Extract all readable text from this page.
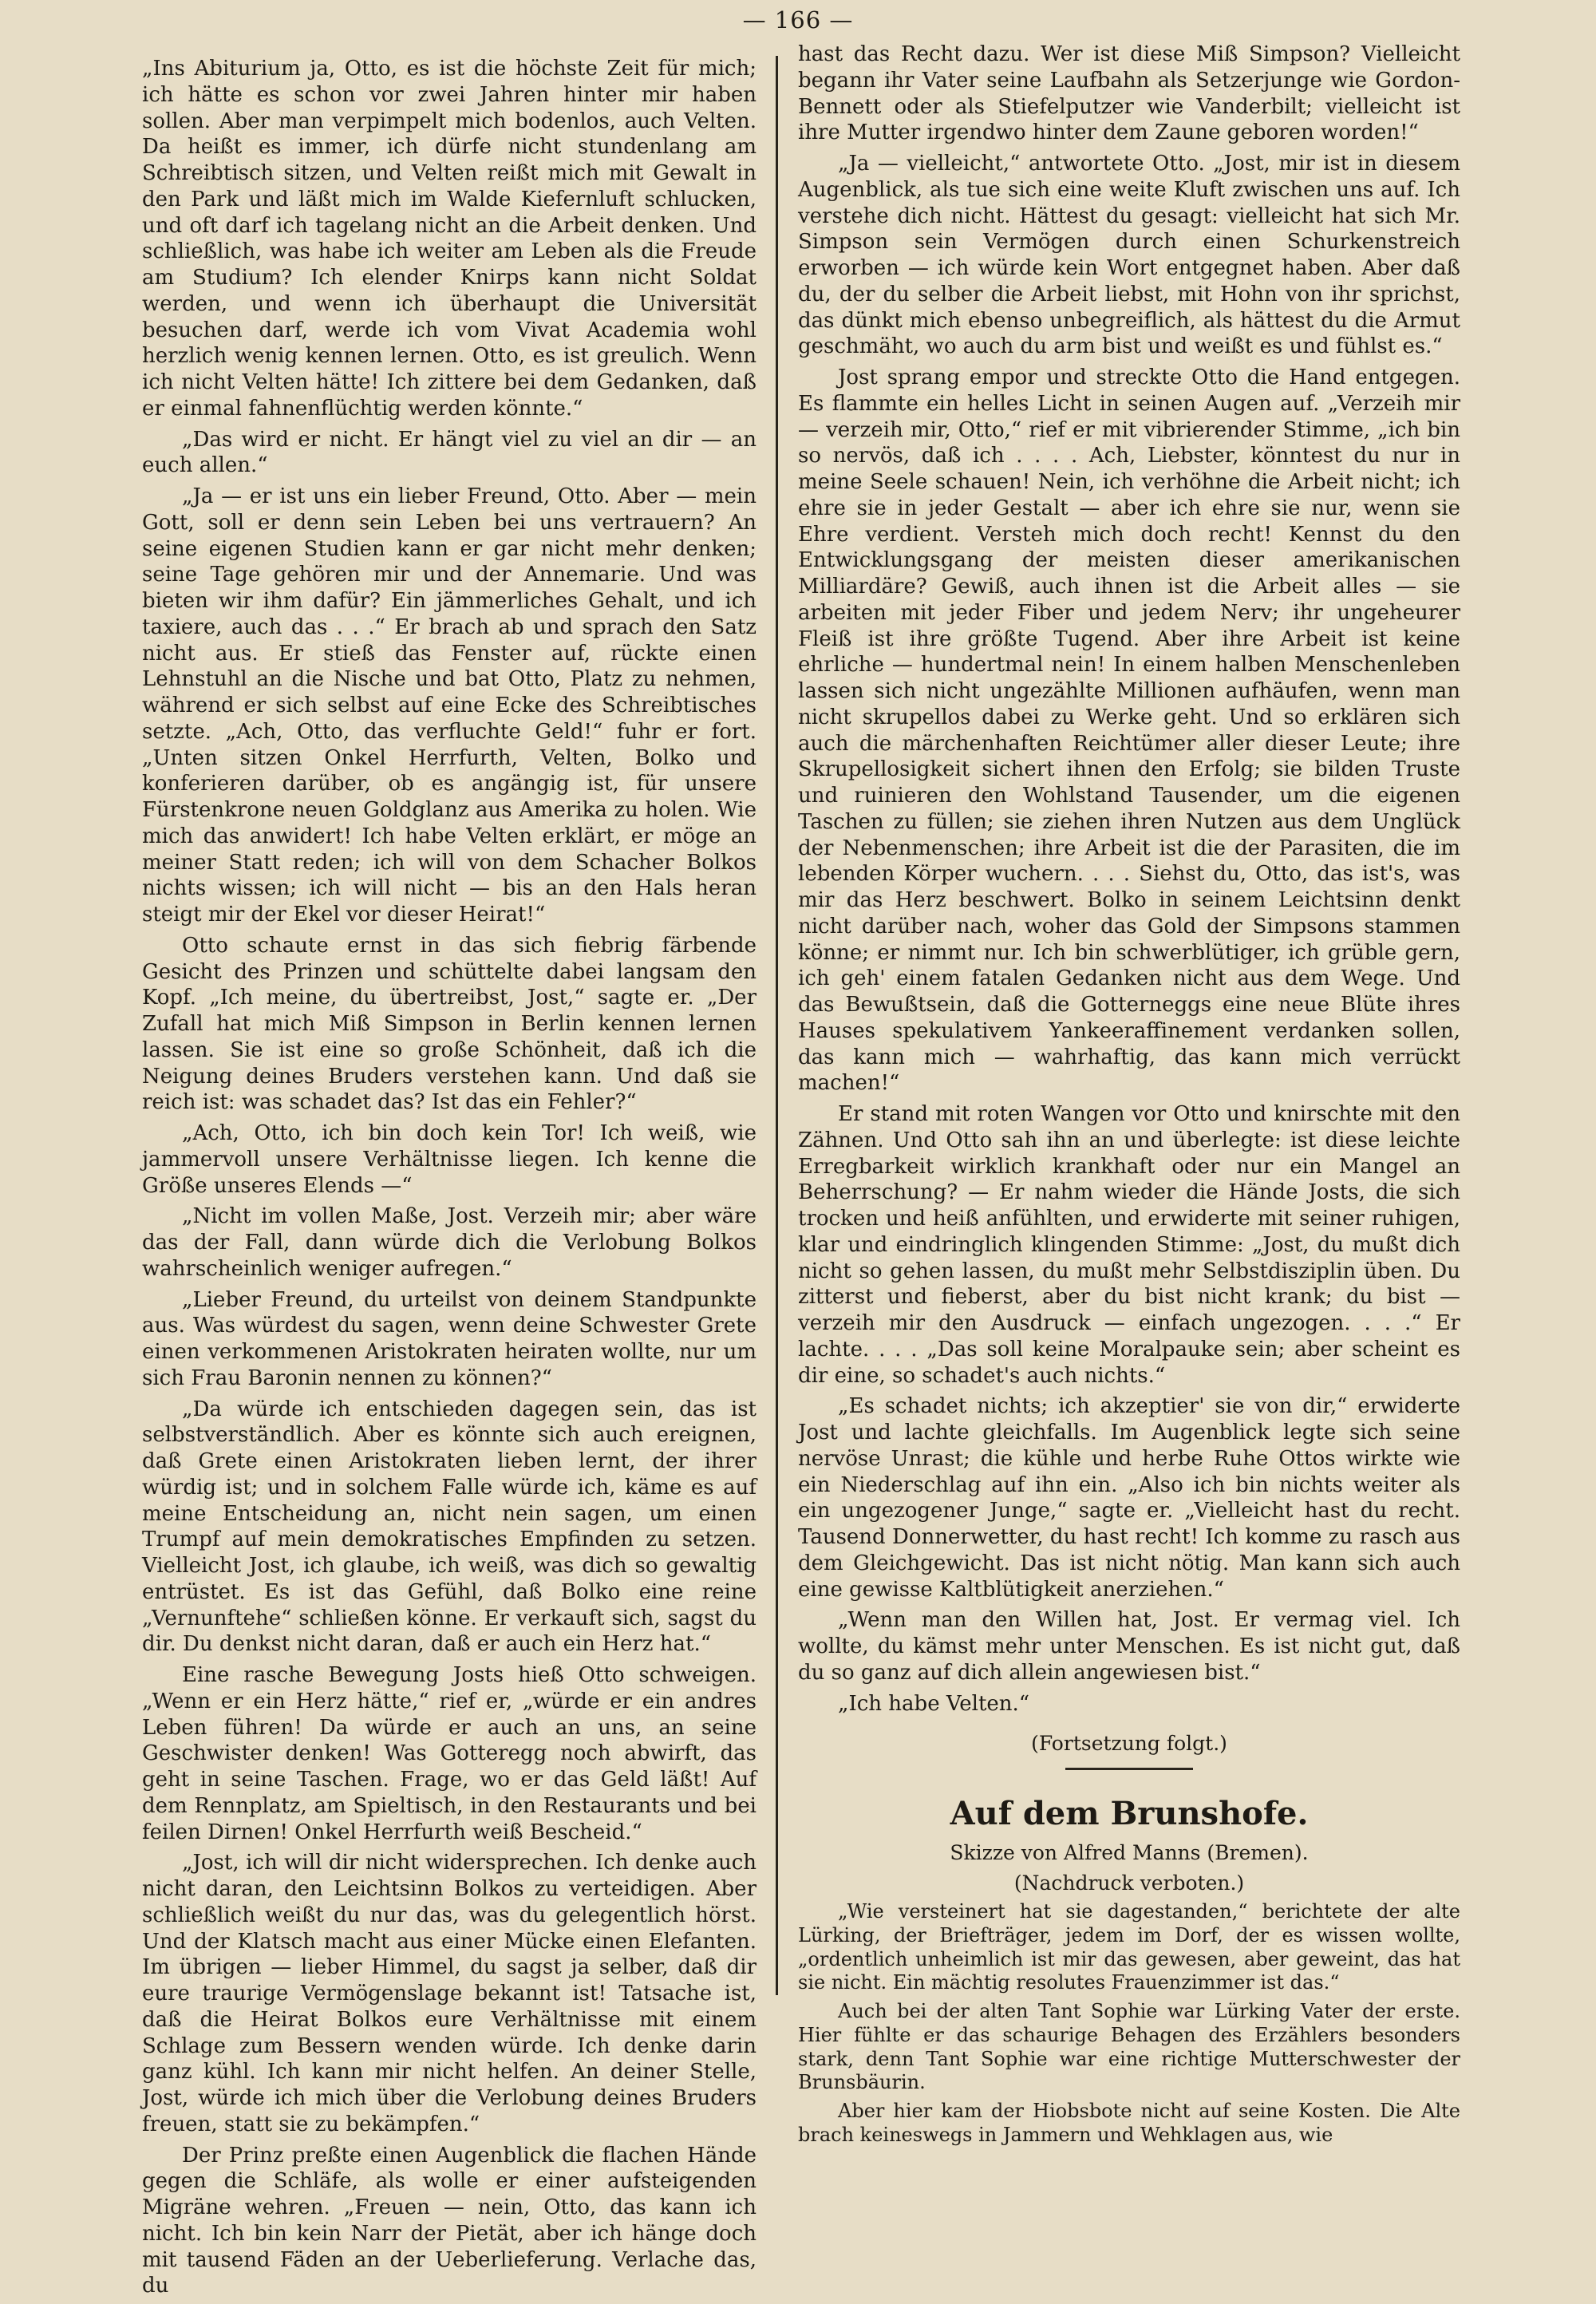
— 166 —

„Ins Abiturium ja, Otto, es ist die höchste Zeit für mich; ich hätte es schon vor zwei Jahren hinter mir haben sollen. Aber man verpimpelt mich bodenlos, auch Velten. Da heißt es immer, ich dürfe nicht stundenlang am Schreibtisch sitzen, und Velten reißt mich mit Gewalt in den Park und läßt mich im Walde Kiefernluft schlucken, und oft darf ich tagelang nicht an die Arbeit denken. Und schließlich, was habe ich weiter am Leben als die Freude am Studium? Ich elender Knirps kann nicht Soldat werden, und wenn ich überhaupt die Universität besuchen darf, werde ich vom Vivat Academia wohl herzlich wenig kennen lernen. Otto, es ist greulich. Wenn ich nicht Velten hätte! Ich zittere bei dem Gedanken, daß er einmal fahnenflüchtig werden könnte.“

„Das wird er nicht. Er hängt viel zu viel an dir — an euch allen.“

„Ja — er ist uns ein lieber Freund, Otto. Aber — mein Gott, soll er denn sein Leben bei uns vertrauern? An seine eigenen Studien kann er gar nicht mehr denken; seine Tage gehören mir und der Annemarie. Und was bieten wir ihm dafür? Ein jämmerliches Gehalt, und ich taxiere, auch das . . .“ Er brach ab und sprach den Satz nicht aus. Er stieß das Fenster auf, rückte einen Lehnstuhl an die Nische und bat Otto, Platz zu nehmen, während er sich selbst auf eine Ecke des Schreibtisches setzte. „Ach, Otto, das verfluchte Geld!“ fuhr er fort. „Unten sitzen Onkel Herrfurth, Velten, Bolko und konferieren darüber, ob es angängig ist, für unsere Fürstenkrone neuen Goldglanz aus Amerika zu holen. Wie mich das anwidert! Ich habe Velten erklärt, er möge an meiner Statt reden; ich will von dem Schacher Bolkos nichts wissen; ich will nicht — bis an den Hals heran steigt mir der Ekel vor dieser Heirat!“

Otto schaute ernst in das sich fiebrig färbende Gesicht des Prinzen und schüttelte dabei langsam den Kopf. „Ich meine, du übertreibst, Jost,“ sagte er. „Der Zufall hat mich Miß Simpson in Berlin kennen lernen lassen. Sie ist eine so große Schönheit, daß ich die Neigung deines Bruders verstehen kann. Und daß sie reich ist: was schadet das? Ist das ein Fehler?“

„Ach, Otto, ich bin doch kein Tor! Ich weiß, wie jammervoll unsere Verhältnisse liegen. Ich kenne die Größe unseres Elends —“

„Nicht im vollen Maße, Jost. Verzeih mir; aber wäre das der Fall, dann würde dich die Verlobung Bolkos wahrscheinlich weniger aufregen.“

„Lieber Freund, du urteilst von deinem Standpunkte aus. Was würdest du sagen, wenn deine Schwester Grete einen verkommenen Aristokraten heiraten wollte, nur um sich Frau Baronin nennen zu können?“

„Da würde ich entschieden dagegen sein, das ist selbstverständlich. Aber es könnte sich auch ereignen, daß Grete einen Aristokraten lieben lernt, der ihrer würdig ist; und in solchem Falle würde ich, käme es auf meine Entscheidung an, nicht nein sagen, um einen Trumpf auf mein demokratisches Empfinden zu setzen. Vielleicht Jost, ich glaube, ich weiß, was dich so gewaltig entrüstet. Es ist das Gefühl, daß Bolko eine reine „Vernunftehe“ schließen könne. Er verkauft sich, sagst du dir. Du denkst nicht daran, daß er auch ein Herz hat.“

Eine rasche Bewegung Josts hieß Otto schweigen. „Wenn er ein Herz hätte,“ rief er, „würde er ein andres Leben führen! Da würde er auch an uns, an seine Geschwister denken! Was Gotteregg noch abwirft, das geht in seine Taschen. Frage, wo er das Geld läßt! Auf dem Rennplatz, am Spieltisch, in den Restaurants und bei feilen Dirnen! Onkel Herrfurth weiß Bescheid.“

„Jost, ich will dir nicht widersprechen. Ich denke auch nicht daran, den Leichtsinn Bolkos zu verteidigen. Aber schließlich weißt du nur das, was du gelegentlich hörst. Und der Klatsch macht aus einer Mücke einen Elefanten. Im übrigen — lieber Himmel, du sagst ja selber, daß dir eure traurige Vermögenslage bekannt ist! Tatsache ist, daß die Heirat Bolkos eure Verhältnisse mit einem Schlage zum Bessern wenden würde. Ich denke darin ganz kühl. Ich kann mir nicht helfen. An deiner Stelle, Jost, würde ich mich über die Verlobung deines Bruders freuen, statt sie zu bekämpfen.“

Der Prinz preßte einen Augenblick die flachen Hände gegen die Schläfe, als wolle er einer aufsteigenden Migräne wehren. „Freuen — nein, Otto, das kann ich nicht. Ich bin kein Narr der Pietät, aber ich hänge doch mit tausend Fäden an der Ueberlieferung. Verlache das, du

hast das Recht dazu. Wer ist diese Miß Simpson? Vielleicht begann ihr Vater seine Laufbahn als Setzerjunge wie Gordon-Bennett oder als Stiefelputzer wie Vanderbilt; vielleicht ist ihre Mutter irgendwo hinter dem Zaune geboren worden!“

„Ja — vielleicht,“ antwortete Otto. „Jost, mir ist in diesem Augenblick, als tue sich eine weite Kluft zwischen uns auf. Ich verstehe dich nicht. Hättest du gesagt: vielleicht hat sich Mr. Simpson sein Vermögen durch einen Schurkenstreich erworben — ich würde kein Wort entgegnet haben. Aber daß du, der du selber die Arbeit liebst, mit Hohn von ihr sprichst, das dünkt mich ebenso unbegreiflich, als hättest du die Armut geschmäht, wo auch du arm bist und weißt es und fühlst es.“

Jost sprang empor und streckte Otto die Hand entgegen. Es flammte ein helles Licht in seinen Augen auf. „Verzeih mir — verzeih mir, Otto,“ rief er mit vibrierender Stimme, „ich bin so nervös, daß ich . . . . Ach, Liebster, könntest du nur in meine Seele schauen! Nein, ich verhöhne die Arbeit nicht; ich ehre sie in jeder Gestalt — aber ich ehre sie nur, wenn sie Ehre verdient. Versteh mich doch recht! Kennst du den Entwicklungsgang der meisten dieser amerikanischen Milliardäre? Gewiß, auch ihnen ist die Arbeit alles — sie arbeiten mit jeder Fiber und jedem Nerv; ihr ungeheurer Fleiß ist ihre größte Tugend. Aber ihre Arbeit ist keine ehrliche — hundertmal nein! In einem halben Menschenleben lassen sich nicht ungezählte Millionen aufhäufen, wenn man nicht skrupellos dabei zu Werke geht. Und so erklären sich auch die märchenhaften Reichtümer aller dieser Leute; ihre Skrupellosigkeit sichert ihnen den Erfolg; sie bilden Truste und ruinieren den Wohlstand Tausender, um die eigenen Taschen zu füllen; sie ziehen ihren Nutzen aus dem Unglück der Nebenmenschen; ihre Arbeit ist die der Parasiten, die im lebenden Körper wuchern. . . . Siehst du, Otto, das ist's, was mir das Herz beschwert. Bolko in seinem Leichtsinn denkt nicht darüber nach, woher das Gold der Simpsons stammen könne; er nimmt nur. Ich bin schwerblütiger, ich grüble gern, ich geh' einem fatalen Gedanken nicht aus dem Wege. Und das Bewußtsein, daß die Gotterneggs eine neue Blüte ihres Hauses spekulativem Yankeeraffinement verdanken sollen, das kann mich — wahrhaftig, das kann mich verrückt machen!“

Er stand mit roten Wangen vor Otto und knirschte mit den Zähnen. Und Otto sah ihn an und überlegte: ist diese leichte Erregbarkeit wirklich krankhaft oder nur ein Mangel an Beherrschung? — Er nahm wieder die Hände Josts, die sich trocken und heiß anfühlten, und erwiderte mit seiner ruhigen, klar und eindringlich klingenden Stimme: „Jost, du mußt dich nicht so gehen lassen, du mußt mehr Selbstdisziplin üben. Du zitterst und fieberst, aber du bist nicht krank; du bist — verzeih mir den Ausdruck — einfach ungezogen. . . .“ Er lachte. . . . „Das soll keine Moralpauke sein; aber scheint es dir eine, so schadet's auch nichts.“

„Es schadet nichts; ich akzeptier' sie von dir,“ erwiderte Jost und lachte gleichfalls. Im Augenblick legte sich seine nervöse Unrast; die kühle und herbe Ruhe Ottos wirkte wie ein Niederschlag auf ihn ein. „Also ich bin nichts weiter als ein ungezogener Junge,“ sagte er. „Vielleicht hast du recht. Tausend Donnerwetter, du hast recht! Ich komme zu rasch aus dem Gleichgewicht. Das ist nicht nötig. Man kann sich auch eine gewisse Kaltblütigkeit anerziehen.“

„Wenn man den Willen hat, Jost. Er vermag viel. Ich wollte, du kämst mehr unter Menschen. Es ist nicht gut, daß du so ganz auf dich allein angewiesen bist.“

„Ich habe Velten.“

(Fortsetzung folgt.)
Auf dem Brunshofe.
Skizze von Alfred Manns (Bremen).
(Nachdruck verboten.)

„Wie versteinert hat sie dagestanden,“ berichtete der alte Lürking, der Briefträger, jedem im Dorf, der es wissen wollte, „ordentlich unheimlich ist mir das gewesen, aber geweint, das hat sie nicht. Ein mächtig resolutes Frauenzimmer ist das.“

Auch bei der alten Tant Sophie war Lürking Vater der erste. Hier fühlte er das schaurige Behagen des Erzählers besonders stark, denn Tant Sophie war eine richtige Mutterschwester der Brunsbäurin.

Aber hier kam der Hiobsbote nicht auf seine Kosten. Die Alte brach keineswegs in Jammern und Wehklagen aus, wie
